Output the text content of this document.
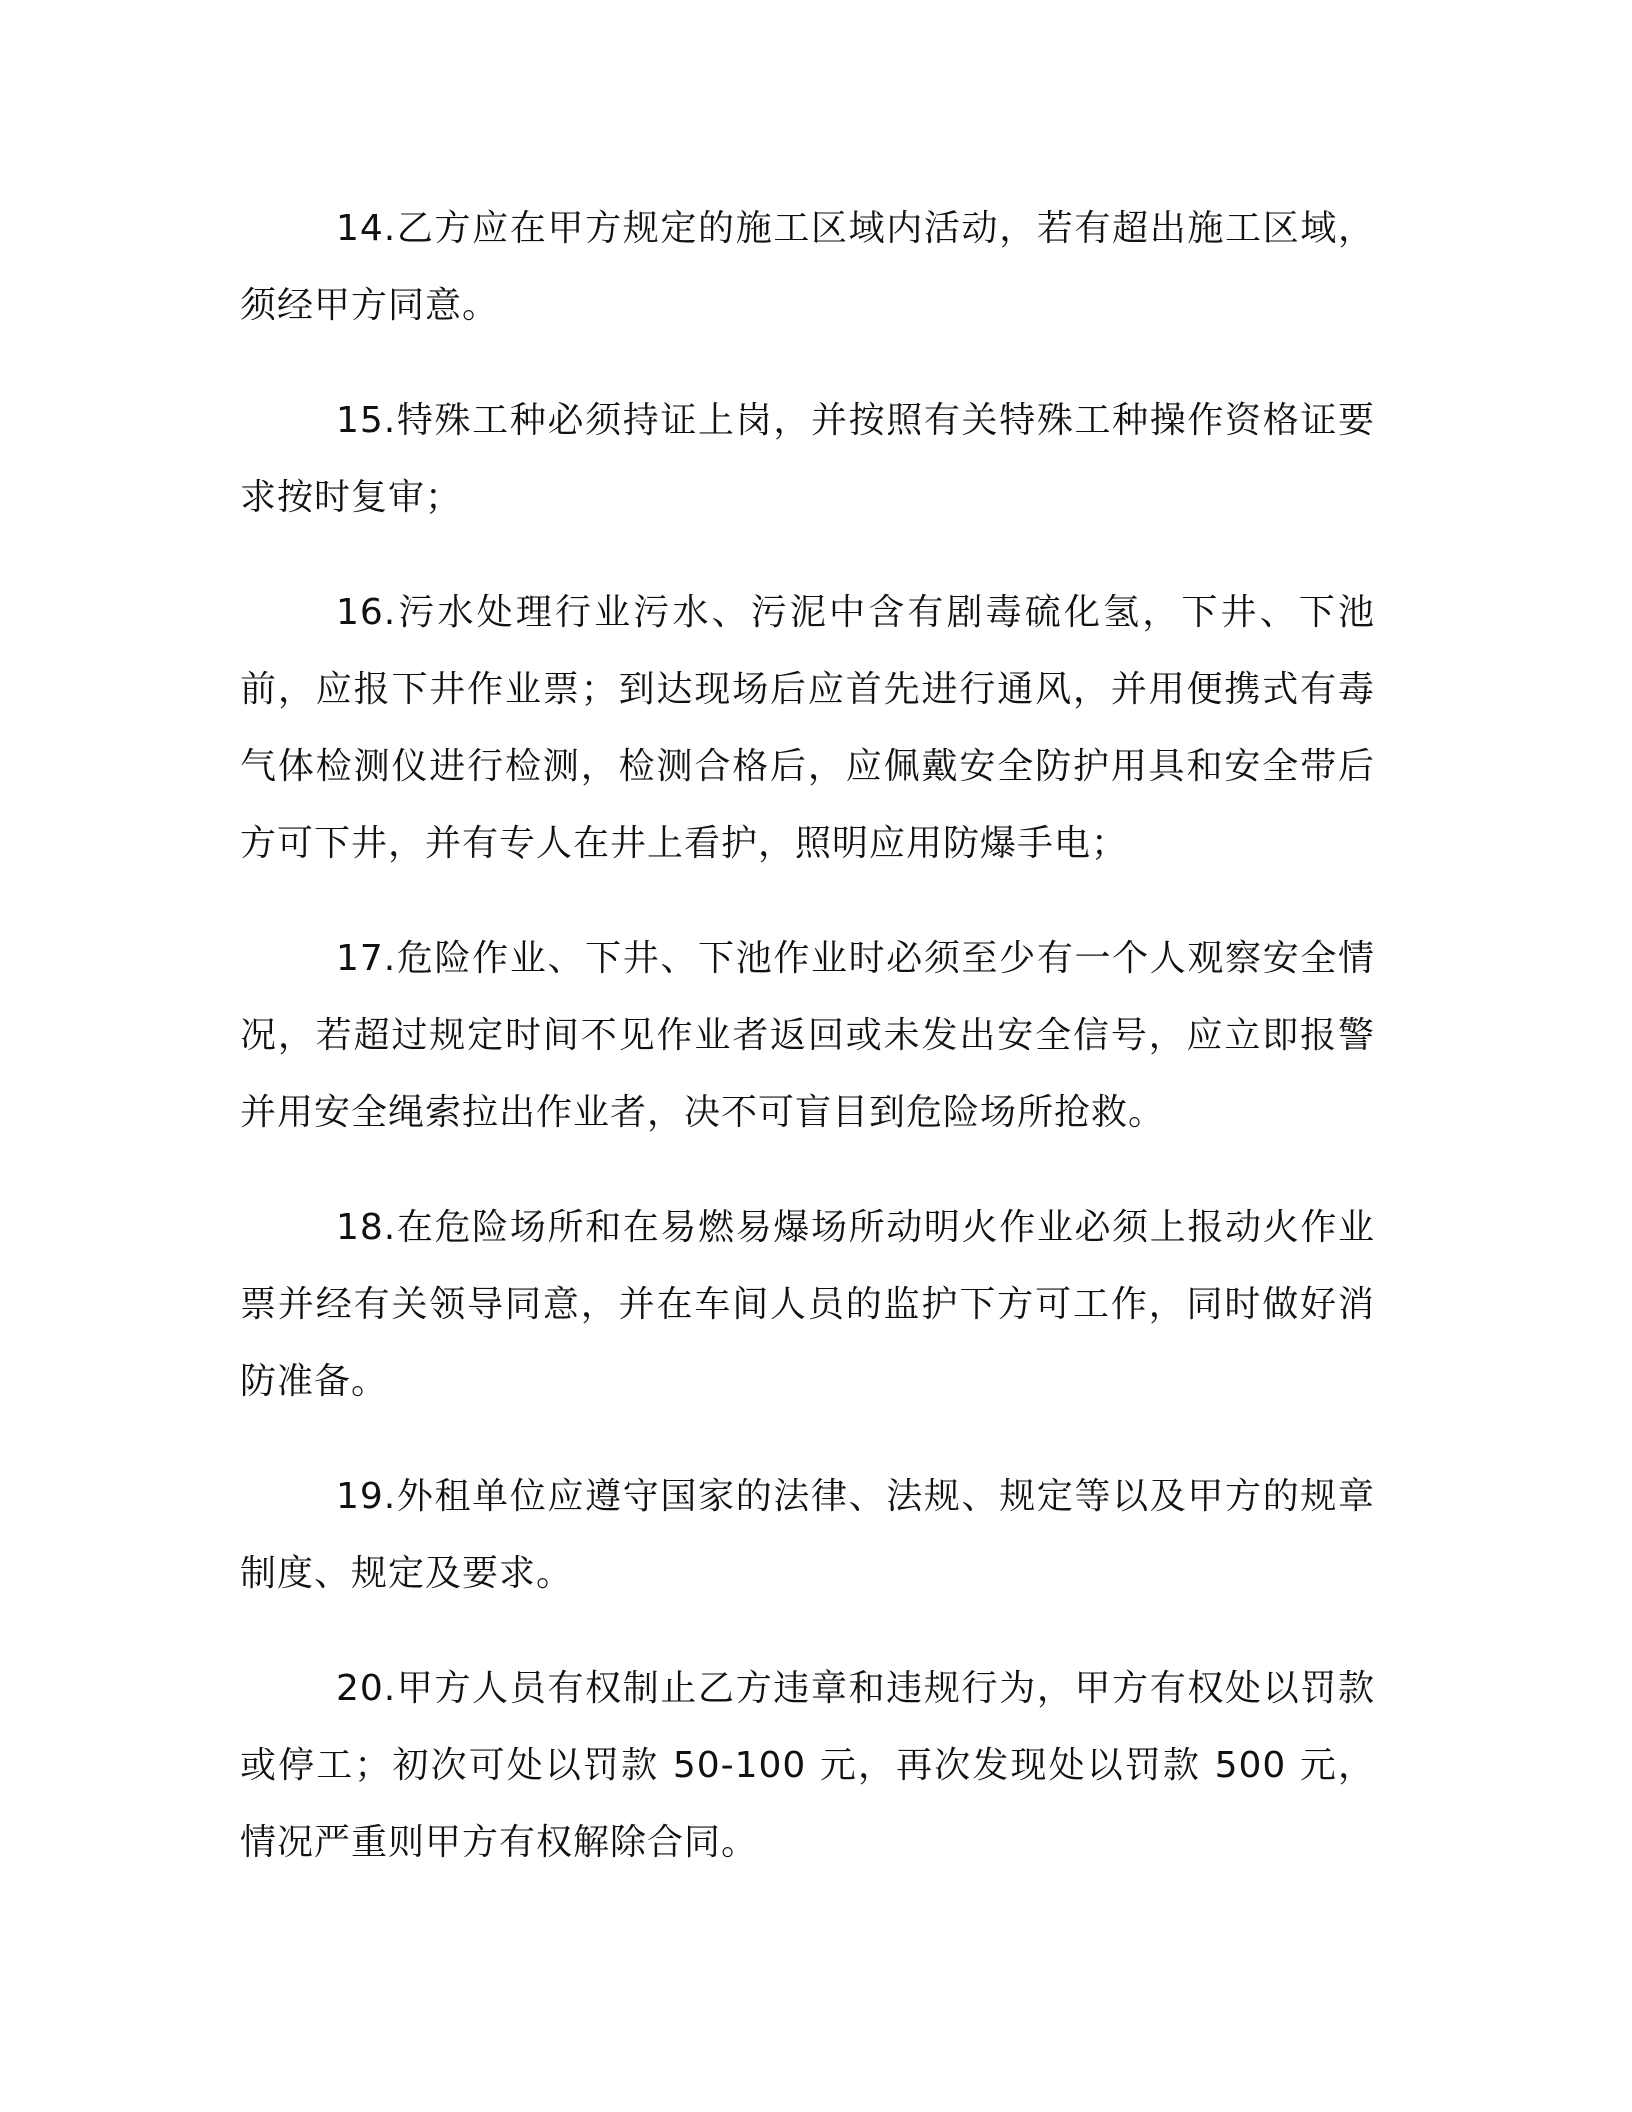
14.乙方应在甲方规定的施工区域内活动，若有超出施工区域，须经甲方同意。

15.特殊工种必须持证上岗，并按照有关特殊工种操作资格证要求按时复审；

16.污水处理行业污水、污泥中含有剧毒硫化氢，下井、下池前，应报下井作业票；到达现场后应首先进行通风，并用便携式有毒气体检测仪进行检测，检测合格后，应佩戴安全防护用具和安全带后方可下井，并有专人在井上看护，照明应用防爆手电；

17.危险作业、下井、下池作业时必须至少有一个人观察安全情况，若超过规定时间不见作业者返回或未发出安全信号，应立即报警并用安全绳索拉出作业者，决不可盲目到危险场所抢救。

18.在危险场所和在易燃易爆场所动明火作业必须上报动火作业票并经有关领导同意，并在车间人员的监护下方可工作，同时做好消防准备。

19.外租单位应遵守国家的法律、法规、规定等以及甲方的规章制度、规定及要求。

20.甲方人员有权制止乙方违章和违规行为，甲方有权处以罚款或停工；初次可处以罚款 50-100 元，再次发现处以罚款 500 元，情况严重则甲方有权解除合同。
